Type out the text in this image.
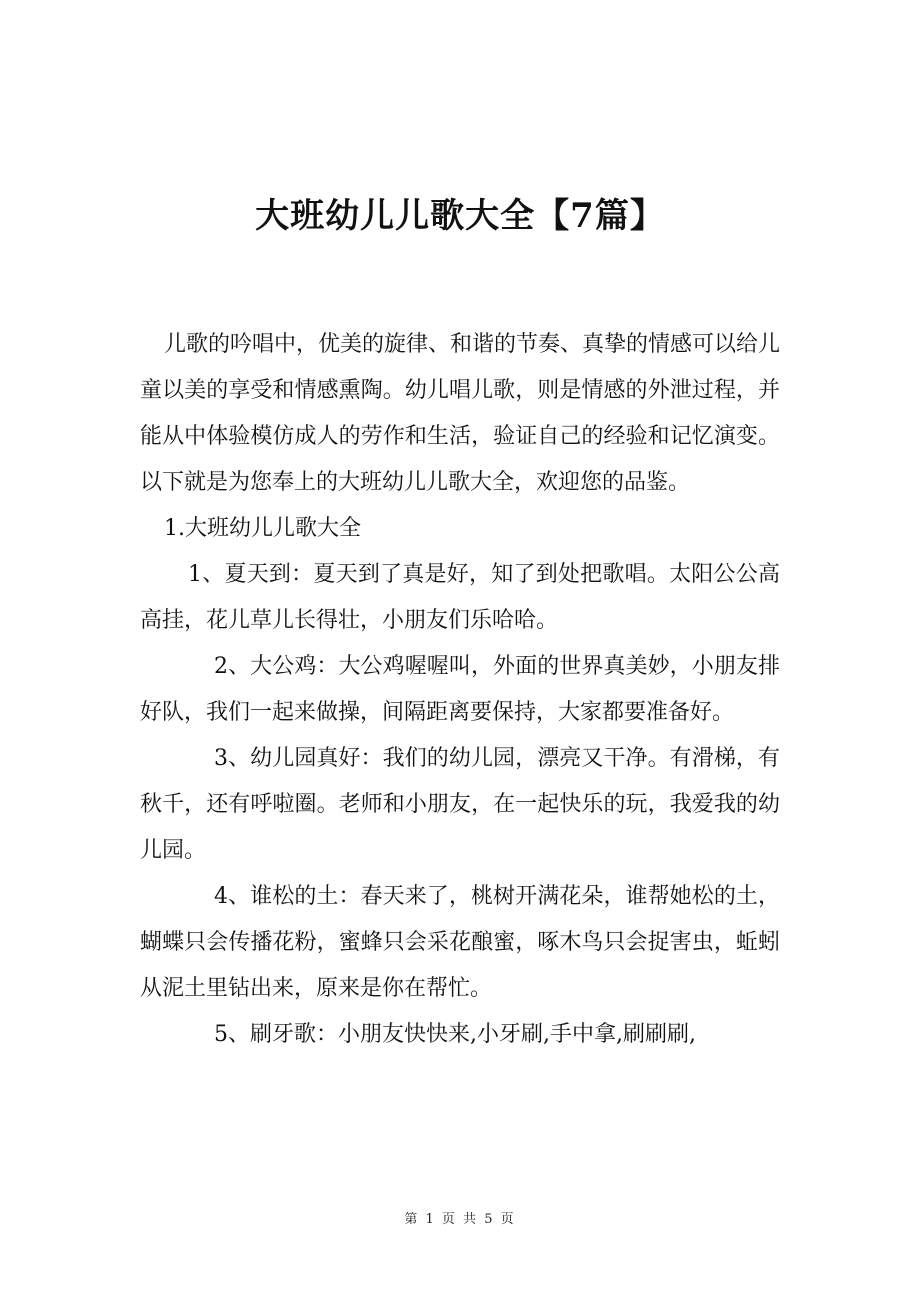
大班幼儿儿歌大全【7篇】

儿歌的吟唱中，优美的旋律、和谐的节奏、真挚的情感可以给儿童以美的享受和情感熏陶。幼儿唱儿歌，则是情感的外泄过程，并能从中体验模仿成人的劳作和生活，验证自己的经验和记忆演变。以下就是为您奉上的大班幼儿儿歌大全，欢迎您的品鉴。

1.大班幼儿儿歌大全

1、夏天到：夏天到了真是好，知了到处把歌唱。太阳公公高高挂，花儿草儿长得壮，小朋友们乐哈哈。

2、大公鸡：大公鸡喔喔叫，外面的世界真美妙，小朋友排好队，我们一起来做操，间隔距离要保持，大家都要准备好。

3、幼儿园真好：我们的幼儿园，漂亮又干净。有滑梯，有秋千，还有呼啦圈。老师和小朋友，在一起快乐的玩，我爱我的幼儿园。

4、谁松的土：春天来了，桃树开满花朵，谁帮她松的土，蝴蝶只会传播花粉，蜜蜂只会采花酿蜜，啄木鸟只会捉害虫，蚯蚓从泥土里钻出来，原来是你在帮忙。

5、刷牙歌：小朋友快快来,小牙刷,手中拿,刷刷刷,

第 1 页 共 5 页
